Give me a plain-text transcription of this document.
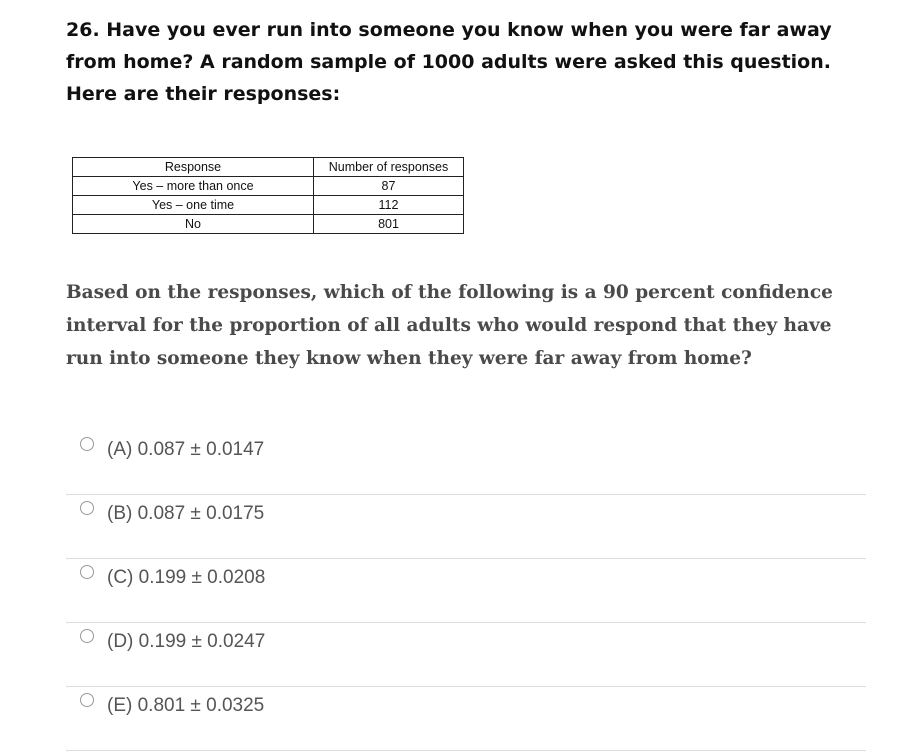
26. Have you ever run into someone you know when you were far away from home? A random sample of 1000 adults were asked this question. Here are their responses:
Response	Number of responses
Yes – more than once	87
Yes – one time	112
No	801
Based on the responses, which of the following is a 90 percent confidence interval for the proportion of all adults who would respond that they have run into someone they know when they were far away from home?
(A) 0.087 ± 0.0147
(B) 0.087 ± 0.0175
(C) 0.199 ± 0.0208
(D) 0.199 ± 0.0247
(E) 0.801 ± 0.0325
